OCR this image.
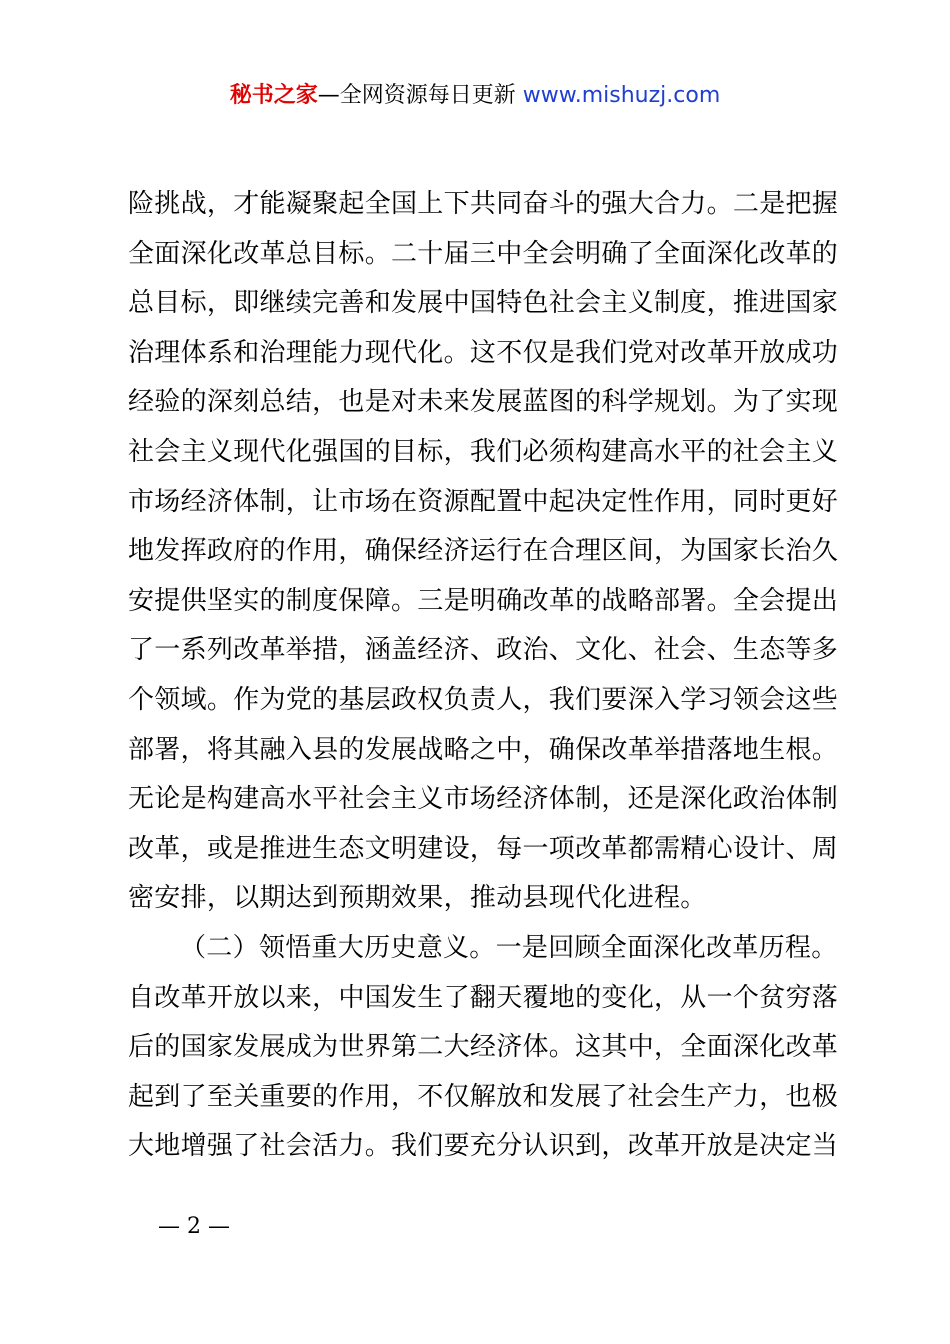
秘书之家—全网资源每日更新 www.mishuzj.com
险挑战，才能凝聚起全国上下共同奋斗的强大合力。二是把握
全面深化改革总目标。二十届三中全会明确了全面深化改革的
总目标，即继续完善和发展中国特色社会主义制度，推进国家
治理体系和治理能力现代化。这不仅是我们党对改革开放成功
经验的深刻总结，也是对未来发展蓝图的科学规划。为了实现
社会主义现代化强国的目标，我们必须构建高水平的社会主义
市场经济体制，让市场在资源配置中起决定性作用，同时更好
地发挥政府的作用，确保经济运行在合理区间，为国家长治久
安提供坚实的制度保障。三是明确改革的战略部署。全会提出
了一系列改革举措，涵盖经济、政治、文化、社会、生态等多
个领域。作为党的基层政权负责人，我们要深入学习领会这些
部署，将其融入县的发展战略之中，确保改革举措落地生根。
无论是构建高水平社会主义市场经济体制，还是深化政治体制
改革，或是推进生态文明建设，每一项改革都需精心设计、周
密安排，以期达到预期效果，推动县现代化进程。
（二）领悟重大历史意义。一是回顾全面深化改革历程。
自改革开放以来，中国发生了翻天覆地的变化，从一个贫穷落
后的国家发展成为世界第二大经济体。这其中，全面深化改革
起到了至关重要的作用，不仅解放和发展了社会生产力，也极
大地增强了社会活力。我们要充分认识到，改革开放是决定当
— 2 —
